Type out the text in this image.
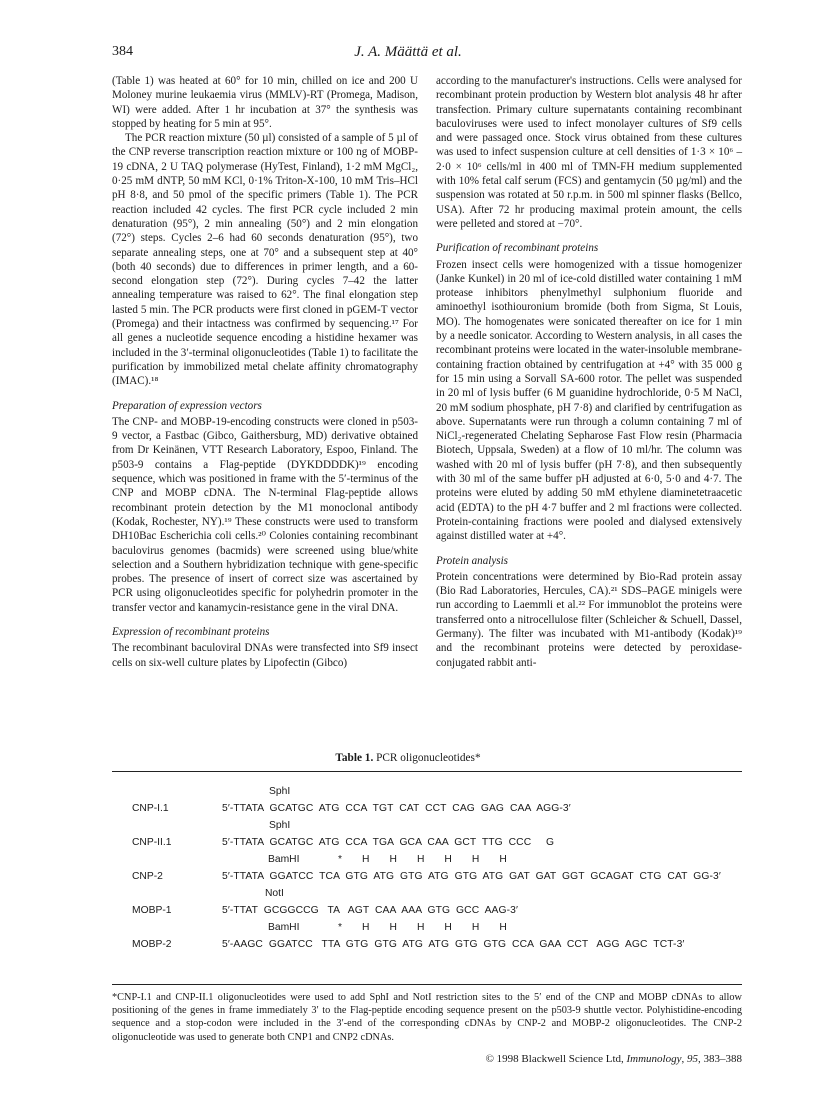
384	J. A. Määttä et al.

(Table 1) was heated at 60° for 10 min, chilled on ice and 200 U Moloney murine leukaemia virus (MMLV)-RT (Promega, Madison, WI) were added. After 1 hr incubation at 37° the synthesis was stopped by heating for 5 min at 95°.

The PCR reaction mixture (50 µl) consisted of a sample of 5 µl of the CNP reverse transcription reaction mixture or 100 ng of MOBP-19 cDNA, 2 U TAQ polymerase (HyTest, Finland), 1·2 mM MgCl₂, 0·25 mM dNTP, 50 mM KCl, 0·1% Triton-X-100, 10 mM Tris–HCl pH 8·8, and 50 pmol of the specific primers (Table 1). The PCR reaction included 42 cycles. The first PCR cycle included 2 min denaturation (95°), 2 min annealing (50°) and 2 min elongation (72°) steps. Cycles 2–6 had 60 seconds denaturation (95°), two separate annealing steps, one at 70° and a subsequent step at 40° (both 40 seconds) due to differences in primer length, and a 60-second elongation step (72°). During cycles 7–42 the latter annealing temperature was raised to 62°. The final elongation step lasted 5 min. The PCR products were first cloned in pGEM-T vector (Promega) and their intactness was confirmed by sequencing.¹⁷ For all genes a nucleotide sequence encoding a histidine hexamer was included in the 3′-terminal oligonucleotides (Table 1) to facilitate the purification by immobilized metal chelate affinity chromatography (IMAC).¹⁸

Preparation of expression vectors

The CNP- and MOBP-19-encoding constructs were cloned in p503-9 vector, a Fastbac (Gibco, Gaithersburg, MD) derivative obtained from Dr Keinänen, VTT Research Laboratory, Espoo, Finland. The p503-9 contains a Flag-peptide (DYKDDDDK)¹⁹ encoding sequence, which was positioned in frame with the 5′-terminus of the CNP and MOBP cDNA. The N-terminal Flag-peptide allows recombinant protein detection by the M1 monoclonal antibody (Kodak, Rochester, NY).¹⁹ These constructs were used to transform DH10Bac Escherichia coli cells.²⁰ Colonies containing recombinant baculovirus genomes (bacmids) were screened using blue/white selection and a Southern hybridization technique with gene-specific probes. The presence of insert of correct size was ascertained by PCR using oligonucleotides specific for polyhedrin promoter in the transfer vector and kanamycin-resistance gene in the viral DNA.

Expression of recombinant proteins

The recombinant baculoviral DNAs were transfected into Sf9 insect cells on six-well culture plates by Lipofectin (Gibco)

according to the manufacturer's instructions. Cells were analysed for recombinant protein production by Western blot analysis 48 hr after transfection. Primary culture supernatants containing recombinant baculoviruses were used to infect monolayer cultures of Sf9 cells and were passaged once. Stock virus obtained from these cultures was used to infect suspension culture at cell densities of 1·3 × 10⁶ – 2·0 × 10⁶ cells/ml in 400 ml of TMN-FH medium supplemented with 10% fetal calf serum (FCS) and gentamycin (50 µg/ml) and the suspension was rotated at 50 r.p.m. in 500 ml spinner flasks (Bellco, USA). After 72 hr producing maximal protein amount, the cells were pelleted and stored at −70°.

Purification of recombinant proteins

Frozen insect cells were homogenized with a tissue homogenizer (Janke Kunkel) in 20 ml of ice-cold distilled water containing 1 mM protease inhibitors phenylmethyl sulphonium fluoride and aminoethyl isothiouronium bromide (both from Sigma, St Louis, MO). The homogenates were sonicated thereafter on ice for 1 min by a needle sonicator. According to Western analysis, in all cases the recombinant proteins were located in the water-insoluble membrane-containing fraction obtained by centrifugation at +4° with 35 000 g for 15 min using a Sorvall SA-600 rotor. The pellet was suspended in 20 ml of lysis buffer (6 M guanidine hydrochloride, 0·5 M NaCl, 20 mM sodium phosphate, pH 7·8) and clarified by centrifugation as above. Supernatants were run through a column containing 7 ml of NiCl₂-regenerated Chelating Sepharose Fast Flow resin (Pharmacia Biotech, Uppsala, Sweden) at a flow of 10 ml/hr. The column was washed with 20 ml of lysis buffer (pH 7·8), and then subsequently with 30 ml of the same buffer pH adjusted at 6·0, 5·0 and 4·7. The proteins were eluted by adding 50 mM ethylene diaminetetraacetic acid (EDTA) to the pH 4·7 buffer and 2 ml fractions were collected. Protein-containing fractions were pooled and dialysed extensively against distilled water at +4°.

Protein analysis

Protein concentrations were determined by Bio-Rad protein assay (Bio Rad Laboratories, Hercules, CA).²¹ SDS–PAGE minigels were run according to Laemmli et al.²² For immunoblot the proteins were transferred onto a nitrocellulose filter (Schleicher & Schuell, Dassel, Germany). The filter was incubated with M1-antibody (Kodak)¹⁹ and the recombinant proteins were detected by peroxidase-conjugated rabbit anti-

Table 1. PCR oligonucleotides*
SphI
CNP-I.1	5′-TTATA  GCATGC  ATG  CCA  TGT  CAT  CCT  CAG  GAG  CAA  AGG-3′
SphI
CNP-II.1	5′-TTATA  GCATGC  ATG  CCA  TGA  GCA  CAA  GCT  TTG  CCC     G
BamHI	*       H       H       H       H       H       H
CNP-2	5′-TTATA  GGATCC  TCA  GTG  ATG  GTG  ATG  GTG  ATG  GAT  GAT  GGT  GCAGAT  CTG  CAT  GG-3′
NotI
MOBP-1	5′-TTAT  GCGGCCG   TA   AGT  CAA  AAA  GTG  GCC  AAG-3′
BamHI	*       H       H       H       H       H       H
MOBP-2	5′-AAGC  GGATCC   TTA  GTG  GTG  ATG  ATG  GTG  GTG  CCA  GAA  CCT   AGG  AGC  TCT-3′
*CNP-I.1 and CNP-II.1 oligonucleotides were used to add SphI and NotI restriction sites to the 5′ end of the CNP and MOBP cDNAs to allow positioning of the genes in frame immediately 3′ to the Flag-peptide encoding sequence present on the p503-9 shuttle vector. Polyhistidine-encoding sequence and a stop-codon were included in the 3′-end of the corresponding cDNAs by CNP-2 and MOBP-2 oligonucleotides. The CNP-2 oligonucleotide was used to generate both CNP1 and CNP2 cDNAs.
© 1998 Blackwell Science Ltd, Immunology, 95, 383–388
